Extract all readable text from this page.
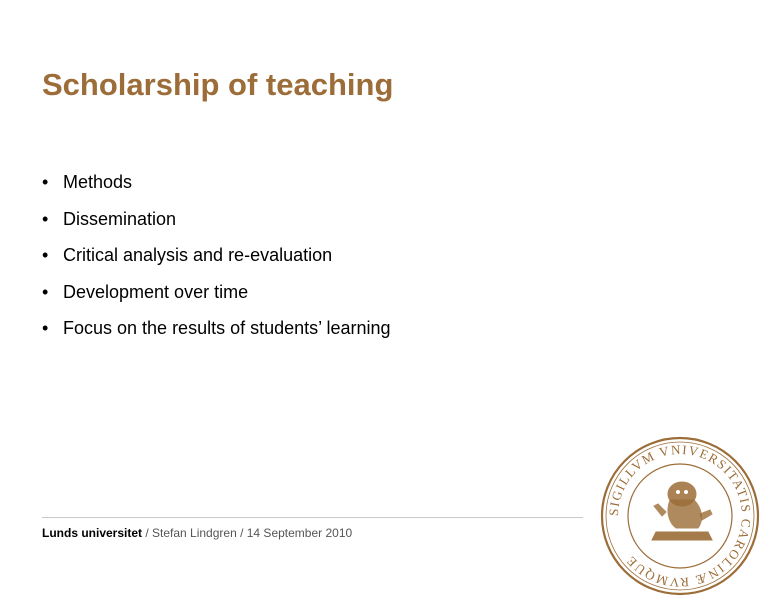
Scholarship of teaching
• Methods
• Dissemination
• Critical analysis and re-evaluation
• Development over time
• Focus on the results of students’ learning
Lunds universitet / Stefan Lindgren / 14 September 2010
SIGILLVM VNIVERSITATIS CAROLINÆ RVMQUE
